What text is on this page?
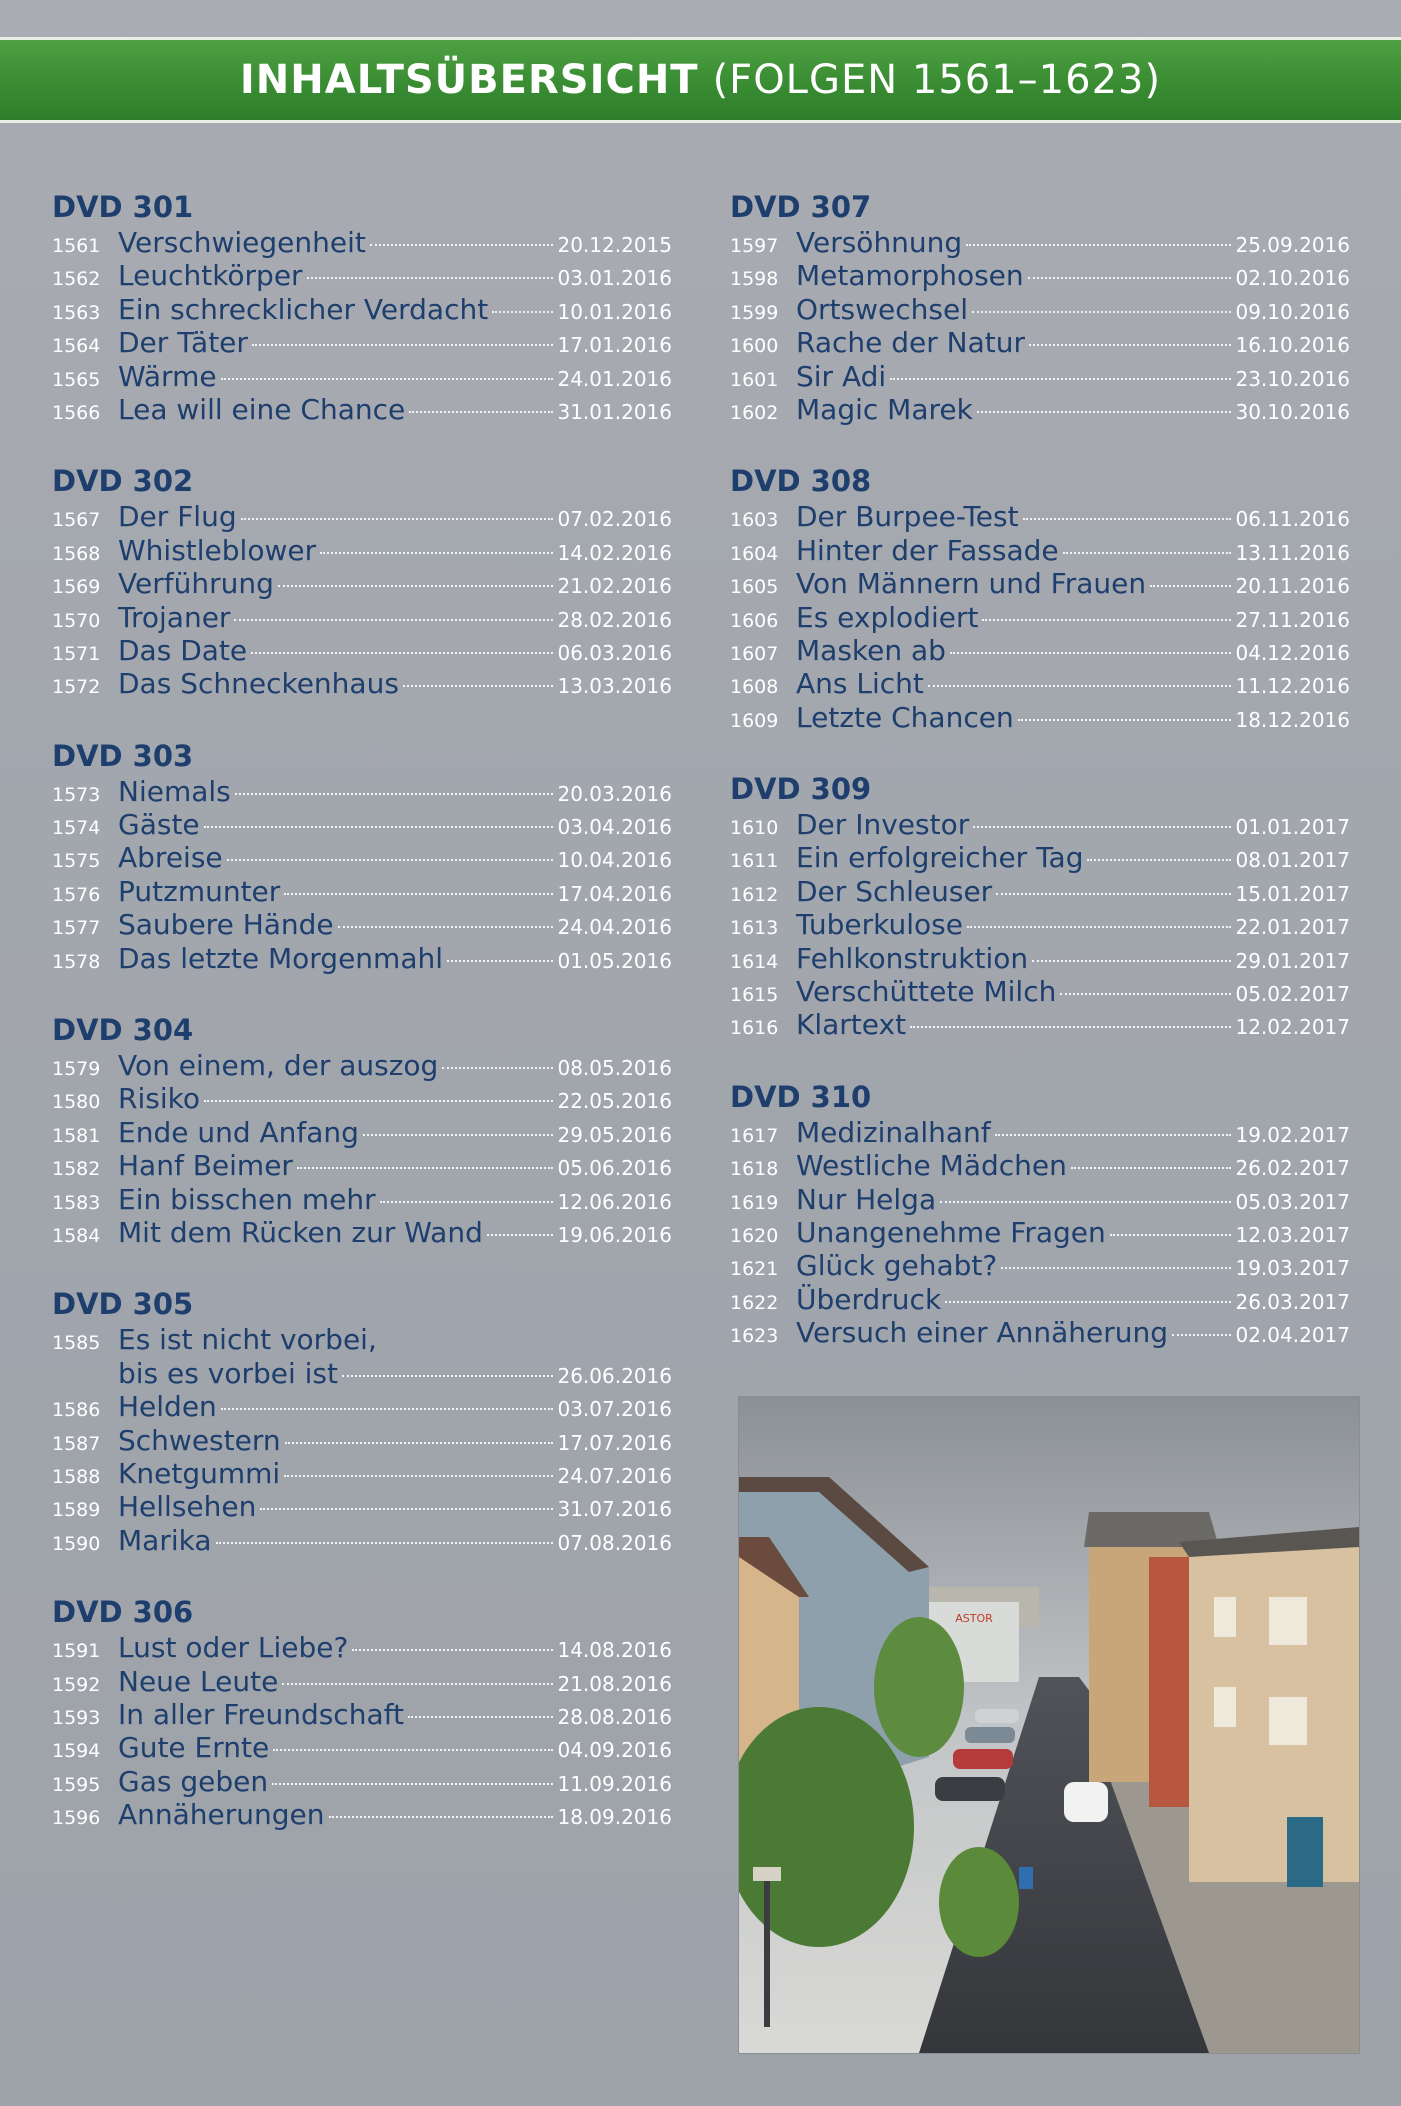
INHALTSÜBERSICHT (FOLGEN 1561–1623)
DVD 301
1561 Verschwiegenheit	20.12.2015
1562 Leuchtkörper	03.01.2016
1563 Ein schrecklicher Verdacht	10.01.2016
1564 Der Täter	17.01.2016
1565 Wärme	24.01.2016
1566 Lea will eine Chance	31.01.2016
DVD 302
1567 Der Flug	07.02.2016
1568 Whistleblower	14.02.2016
1569 Verführung	21.02.2016
1570 Trojaner	28.02.2016
1571 Das Date	06.03.2016
1572 Das Schneckenhaus	13.03.2016
DVD 303
1573 Niemals	20.03.2016
1574 Gäste	03.04.2016
1575 Abreise	10.04.2016
1576 Putzmunter	17.04.2016
1577 Saubere Hände	24.04.2016
1578 Das letzte Morgenmahl	01.05.2016
DVD 304
1579 Von einem, der auszog	08.05.2016
1580 Risiko	22.05.2016
1581 Ende und Anfang	29.05.2016
1582 Hanf Beimer	05.06.2016
1583 Ein bisschen mehr	12.06.2016
1584 Mit dem Rücken zur Wand	19.06.2016
DVD 305
1585 Es ist nicht vorbei,
bis es vorbei ist	26.06.2016
1586 Helden	03.07.2016
1587 Schwestern	17.07.2016
1588 Knetgummi	24.07.2016
1589 Hellsehen	31.07.2016
1590 Marika	07.08.2016
DVD 306
1591 Lust oder Liebe?	14.08.2016
1592 Neue Leute	21.08.2016
1593 In aller Freundschaft	28.08.2016
1594 Gute Ernte	04.09.2016
1595 Gas geben	11.09.2016
1596 Annäherungen	18.09.2016
DVD 307
1597 Versöhnung	25.09.2016
1598 Metamorphosen	02.10.2016
1599 Ortswechsel	09.10.2016
1600 Rache der Natur	16.10.2016
1601 Sir Adi	23.10.2016
1602 Magic Marek	30.10.2016
DVD 308
1603 Der Burpee-Test	06.11.2016
1604 Hinter der Fassade	13.11.2016
1605 Von Männern und Frauen	20.11.2016
1606 Es explodiert	27.11.2016
1607 Masken ab	04.12.2016
1608 Ans Licht	11.12.2016
1609 Letzte Chancen	18.12.2016
DVD 309
1610 Der Investor	01.01.2017
1611 Ein erfolgreicher Tag	08.01.2017
1612 Der Schleuser	15.01.2017
1613 Tuberkulose	22.01.2017
1614 Fehlkonstruktion	29.01.2017
1615 Verschüttete Milch	05.02.2017
1616 Klartext	12.02.2017
DVD 310
1617 Medizinalhanf	19.02.2017
1618 Westliche Mädchen	26.02.2017
1619 Nur Helga	05.03.2017
1620 Unangenehme Fragen	12.03.2017
1621 Glück gehabt?	19.03.2017
1622 Überdruck	26.03.2017
1623 Versuch einer Annäherung	02.04.2017
ASTOR
